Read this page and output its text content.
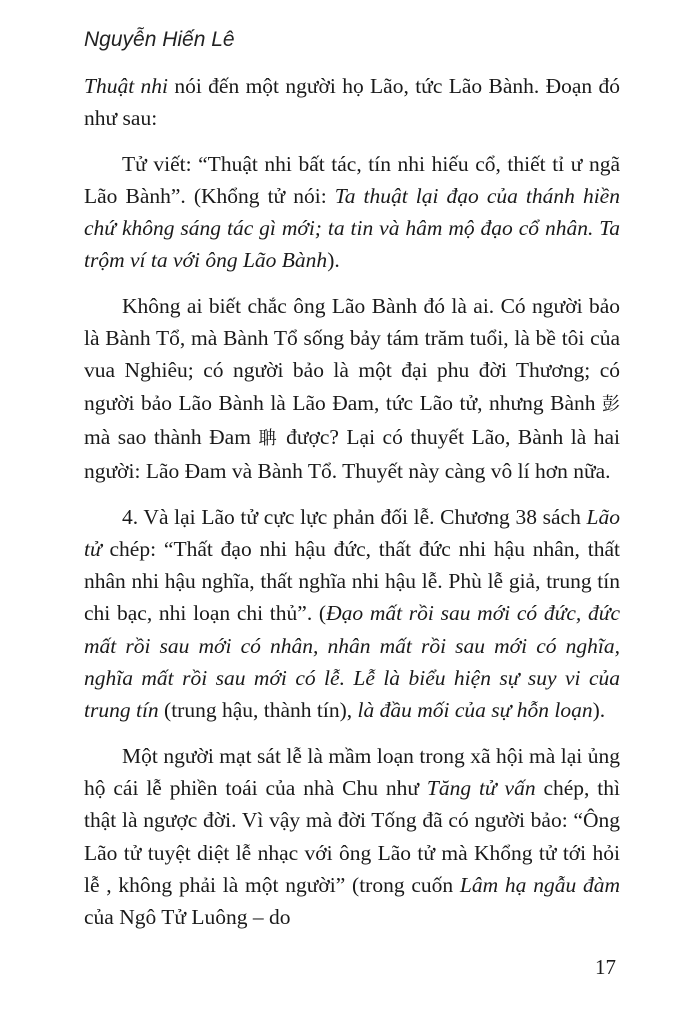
Nguyễn Hiến Lê

Thuật nhi nói đến một người họ Lão, tức Lão Bành. Đoạn đó như sau:

Tử viết: “Thuật nhi bất tác, tín nhi hiếu cổ, thiết tỉ ư ngã Lão Bành”. (Khổng tử nói: Ta thuật lại đạo của thánh hiền chứ không sáng tác gì mới; ta tin và hâm mộ đạo cổ nhân. Ta trộm ví ta với ông Lão Bành).

Không ai biết chắc ông Lão Bành đó là ai. Có người bảo là Bành Tổ, mà Bành Tổ sống bảy tám trăm tuổi, là bề tôi của vua Nghiêu; có người bảo là một đại phu đời Thương; có người bảo Lão Bành là Lão Đam, tức Lão tử, nhưng Bành 彭 mà sao thành Đam 聃 được? Lại có thuyết Lão, Bành là hai người: Lão Đam và Bành Tổ. Thuyết này càng vô lí hơn nữa.

4. Và lại Lão tử cực lực phản đối lễ. Chương 38 sách Lão tử chép: “Thất đạo nhi hậu đức, thất đức nhi hậu nhân, thất nhân nhi hậu nghĩa, thất nghĩa nhi hậu lễ. Phù lễ giả, trung tín chi bạc, nhi loạn chi thủ”. (Đạo mất rồi sau mới có đức, đức mất rồi sau mới có nhân, nhân mất rồi sau mới có nghĩa, nghĩa mất rồi sau mới có lễ. Lễ là biểu hiện sự suy vi của trung tín (trung hậu, thành tín), là đầu mối của sự hỗn loạn).

Một người mạt sát lễ là mầm loạn trong xã hội mà lại ủng hộ cái lễ phiền toái của nhà Chu như Tăng tử vấn chép, thì thật là ngược đời. Vì vậy mà đời Tống đã có người bảo: “Ông Lão tử tuyệt diệt lễ nhạc với ông Lão tử mà Khổng tử tới hỏi lễ , không phải là một người” (trong cuốn Lâm hạ ngẫu đàm của Ngô Tử Luông – do

17
